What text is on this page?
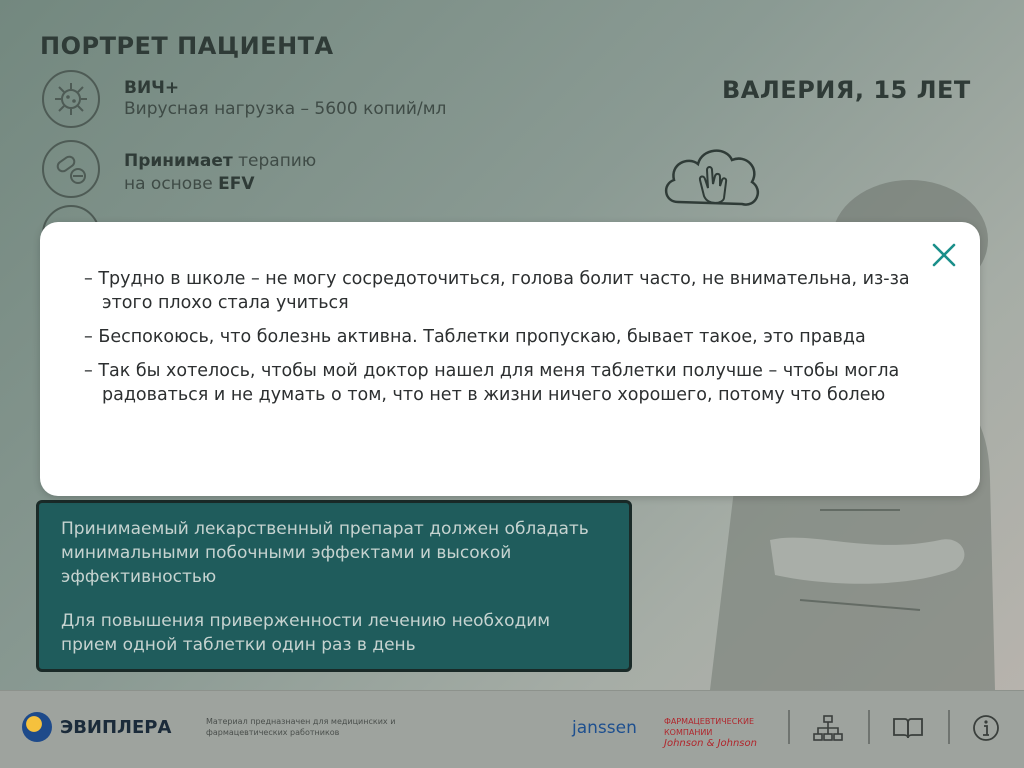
ПОРТРЕТ ПАЦИЕНТА
ВАЛЕРИЯ, 15 ЛЕТ
ВИЧ+
Вирусная нагрузка – 5600 копий/мл
Принимает терапию
на основе EFV

Принимаемый лекарственный препарат должен обладать минимальными побочными эффектами и высокой эффективностью

Для повышения приверженности лечению необходим прием одной таблетки один раз в день

– Трудно в школе – не могу сосредоточиться, голова болит часто, не внимательна, из-за этого плохо стала учиться
– Беспокоюсь, что болезнь активна. Таблетки пропускаю, бывает такое, это правда
– Так бы хотелось, чтобы мой доктор нашел для меня таблетки получше – чтобы могла радоваться и не думать о том, что нет в жизни ничего хорошего, потому что болею
ЭВИПЛЕРА	Материал предназначен для медицинских и фармацевтических работников	janssen	ФАРМАЦЕВТИЧЕСКИЕ КОМПАНИИ
Johnson & Johnson
